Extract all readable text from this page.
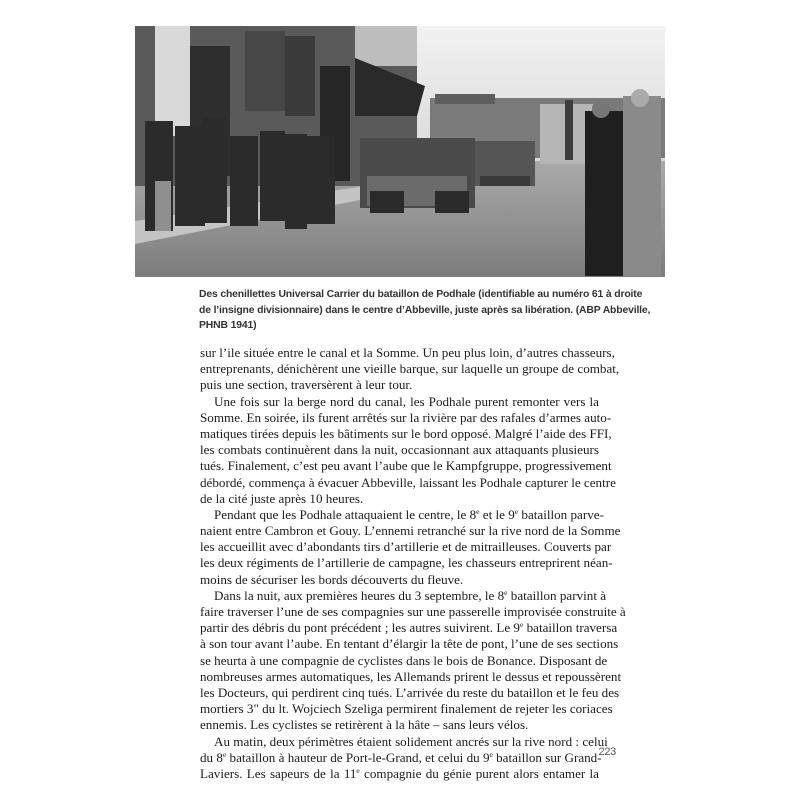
Des chenillettes Universal Carrier du bataillon de Podhale (identifiable au numéro 61 à droite
de l’insigne divisionnaire) dans le centre d’Abbeville, juste après sa libération. (ABP Abbeville,
PHNB 1941)
sur l’ile située entre le canal et la Somme. Un peu plus loin, d’autres chasseurs,
entreprenants, dénichèrent une vieille barque, sur laquelle un groupe de combat,
puis une section, traversèrent à leur tour.
Une fois sur la berge nord du canal, les Podhale purent remonter vers la
Somme. En soirée, ils furent arrêtés sur la rivière par des rafales d’armes auto-
matiques tirées depuis les bâtiments sur le bord opposé. Malgré l’aide des FFI,
les combats continuèrent dans la nuit, occasionnant aux attaquants plusieurs
tués. Finalement, c’est peu avant l’aube que le Kampfgruppe, progressivement
débordé, commença à évacuer Abbeville, laissant les Podhale capturer le centre
de la cité juste après 10 heures.
Pendant que les Podhale attaquaient le centre, le 8e et le 9e bataillon parve-
naient entre Cambron et Gouy. L’ennemi retranché sur la rive nord de la Somme
les accueillit avec d’abondants tirs d’artillerie et de mitrailleuses. Couverts par
les deux régiments de l’artillerie de campagne, les chasseurs entreprirent néan-
moins de sécuriser les bords découverts du fleuve.
Dans la nuit, aux premières heures du 3 septembre, le 8e bataillon parvint à
faire traverser l’une de ses compagnies sur une passerelle improvisée construite à
partir des débris du pont précédent ; les autres suivirent. Le 9e bataillon traversa
à son tour avant l’aube. En tentant d’élargir la tête de pont, l’une de ses sections
se heurta à une compagnie de cyclistes dans le bois de Bonance. Disposant de
nombreuses armes automatiques, les Allemands prirent le dessus et repoussèrent
les Docteurs, qui perdirent cinq tués. L’arrivée du reste du bataillon et le feu des
mortiers 3" du lt. Wojciech Szeliga permirent finalement de rejeter les coriaces
ennemis. Les cyclistes se retirèrent à la hâte – sans leurs vélos.
Au matin, deux périmètres étaient solidement ancrés sur la rive nord : celui
du 8e bataillon à hauteur de Port-le-Grand, et celui du 9e bataillon sur Grand-
Laviers. Les sapeurs de la 11e compagnie du génie purent alors entamer la
223
